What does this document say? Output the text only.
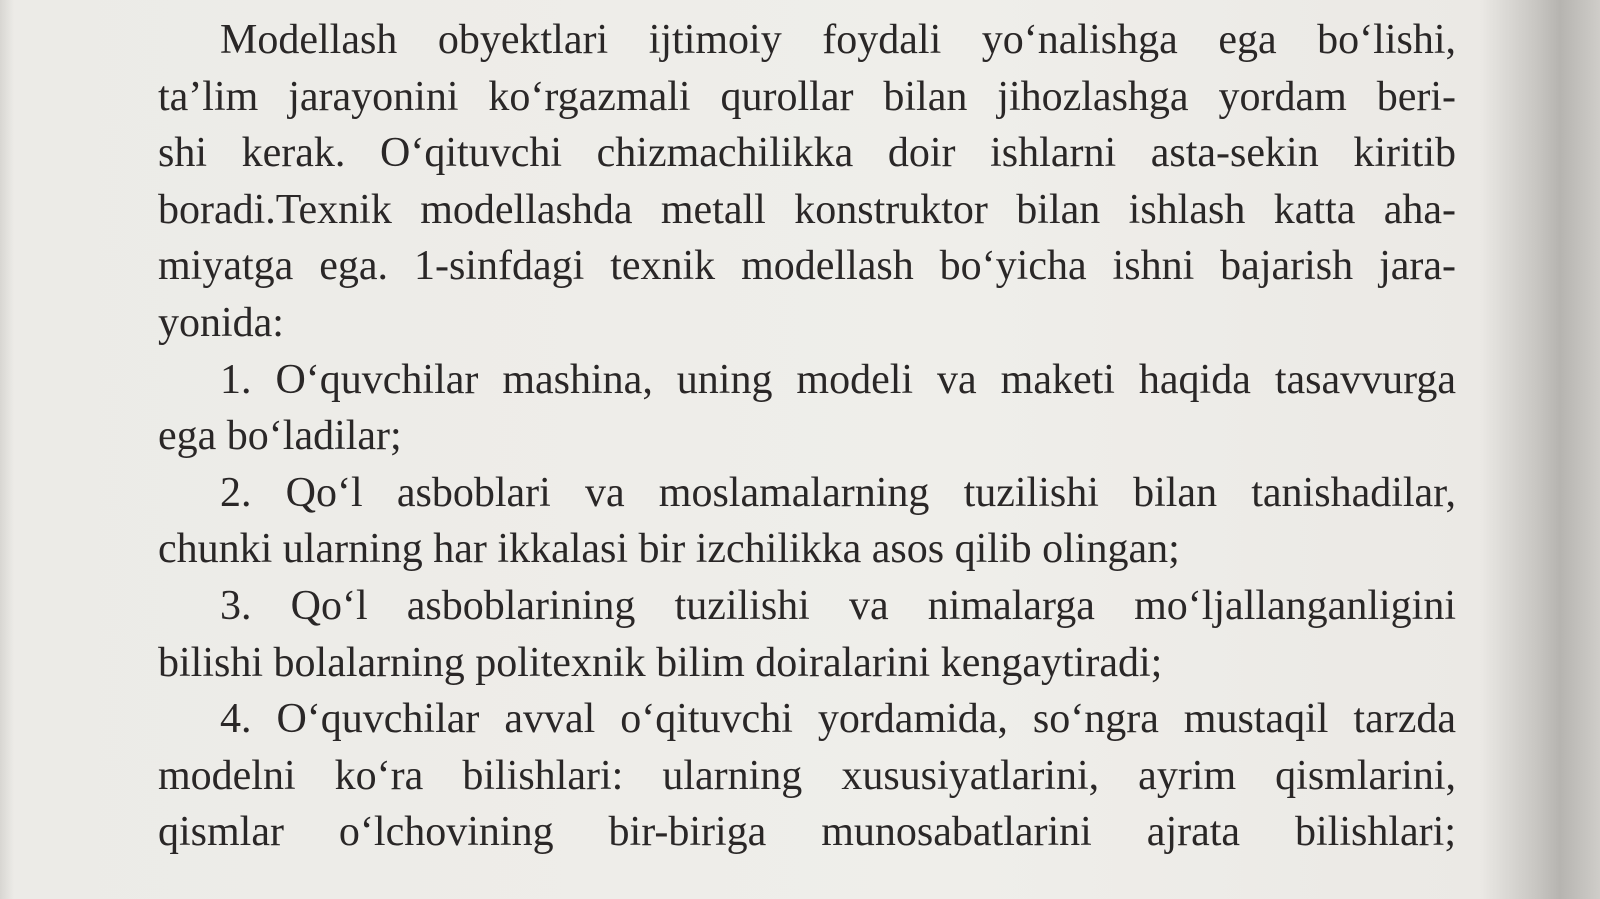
Modellash obyektlari ijtimoiy foydali yo‘nalishga ega bo‘lishi,
ta’lim jarayonini ko‘rgazmali qurollar bilan jihozlashga yordam beri-
shi kerak. O‘qituvchi chizmachilikka doir ishlarni asta-sekin kiritib
boradi.Texnik modellashda metall konstruktor bilan ishlash katta aha-
miyatga ega. 1-sinfdagi texnik modellash bo‘yicha ishni bajarish jara-
yonida:
1. O‘quvchilar mashina, uning modeli va maketi haqida tasavvurga
ega bo‘ladilar;
2. Qo‘l asboblari va moslamalarning tuzilishi bilan tanishadilar,
chunki ularning har ikkalasi bir izchilikka asos qilib olingan;
3. Qo‘l asboblarining tuzilishi va nimalarga mo‘ljallanganligini
bilishi bolalarning politexnik bilim doiralarini kengaytiradi;
4. O‘quvchilar avval o‘qituvchi yordamida, so‘ngra mustaqil tarzda
modelni ko‘ra bilishlari: ularning xususiyatlarini, ayrim qismlarini,
qismlar o‘lchovining bir-biriga munosabatlarini ajrata bilishlari;
